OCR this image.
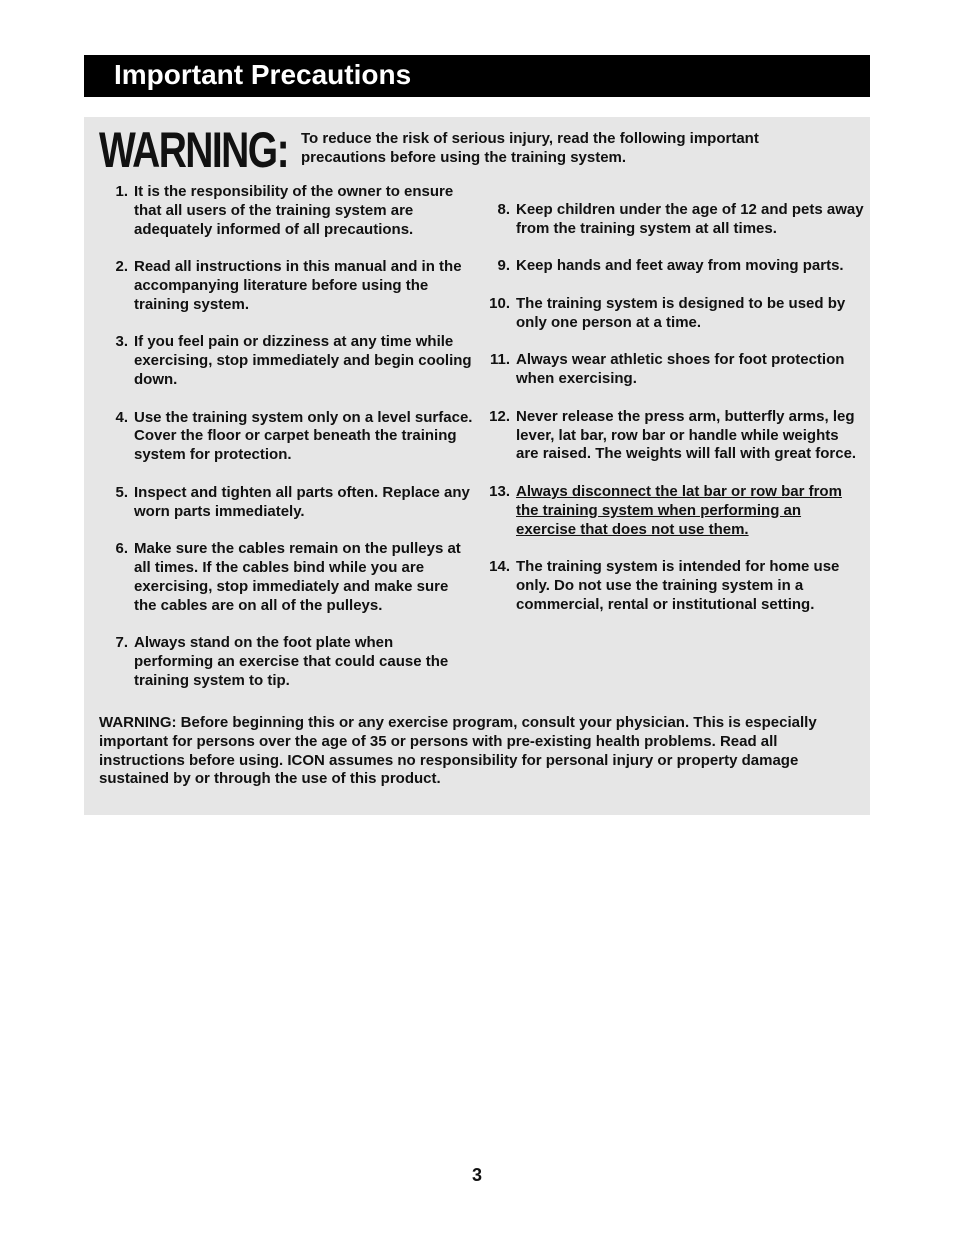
Important Precautions
WARNING: To reduce the risk of serious injury, read the following important precautions before using the training system.
1. It is the responsibility of the owner to ensure that all users of the training system are adequately informed of all precautions.
2. Read all instructions in this manual and in the accompanying literature before using the training system.
3. If you feel pain or dizziness at any time while exercising, stop immediately and begin cooling down.
4. Use the training system only on a level surface. Cover the floor or carpet beneath the training system for protection.
5. Inspect and tighten all parts often. Replace any worn parts immediately.
6. Make sure the cables remain on the pulleys at all times. If the cables bind while you are exercising, stop immediately and make sure the cables are on all of the pulleys.
7. Always stand on the foot plate when performing an exercise that could cause the training system to tip.
8. Keep children under the age of 12 and pets away from the training system at all times.
9. Keep hands and feet away from moving parts.
10. The training system is designed to be used by only one person at a time.
11. Always wear athletic shoes for foot protection when exercising.
12. Never release the press arm, butterfly arms, leg lever, lat bar, row bar or handle while weights are raised. The weights will fall with great force.
13. Always disconnect the lat bar or row bar from the training system when performing an exercise that does not use them.
14. The training system is intended for home use only. Do not use the training system in a commercial, rental or institutional setting.
WARNING: Before beginning this or any exercise program, consult your physician. This is especially important for persons over the age of 35 or persons with pre-existing health problems. Read all instructions before using. ICON assumes no responsibility for personal injury or property damage sustained by or through the use of this product.
3
